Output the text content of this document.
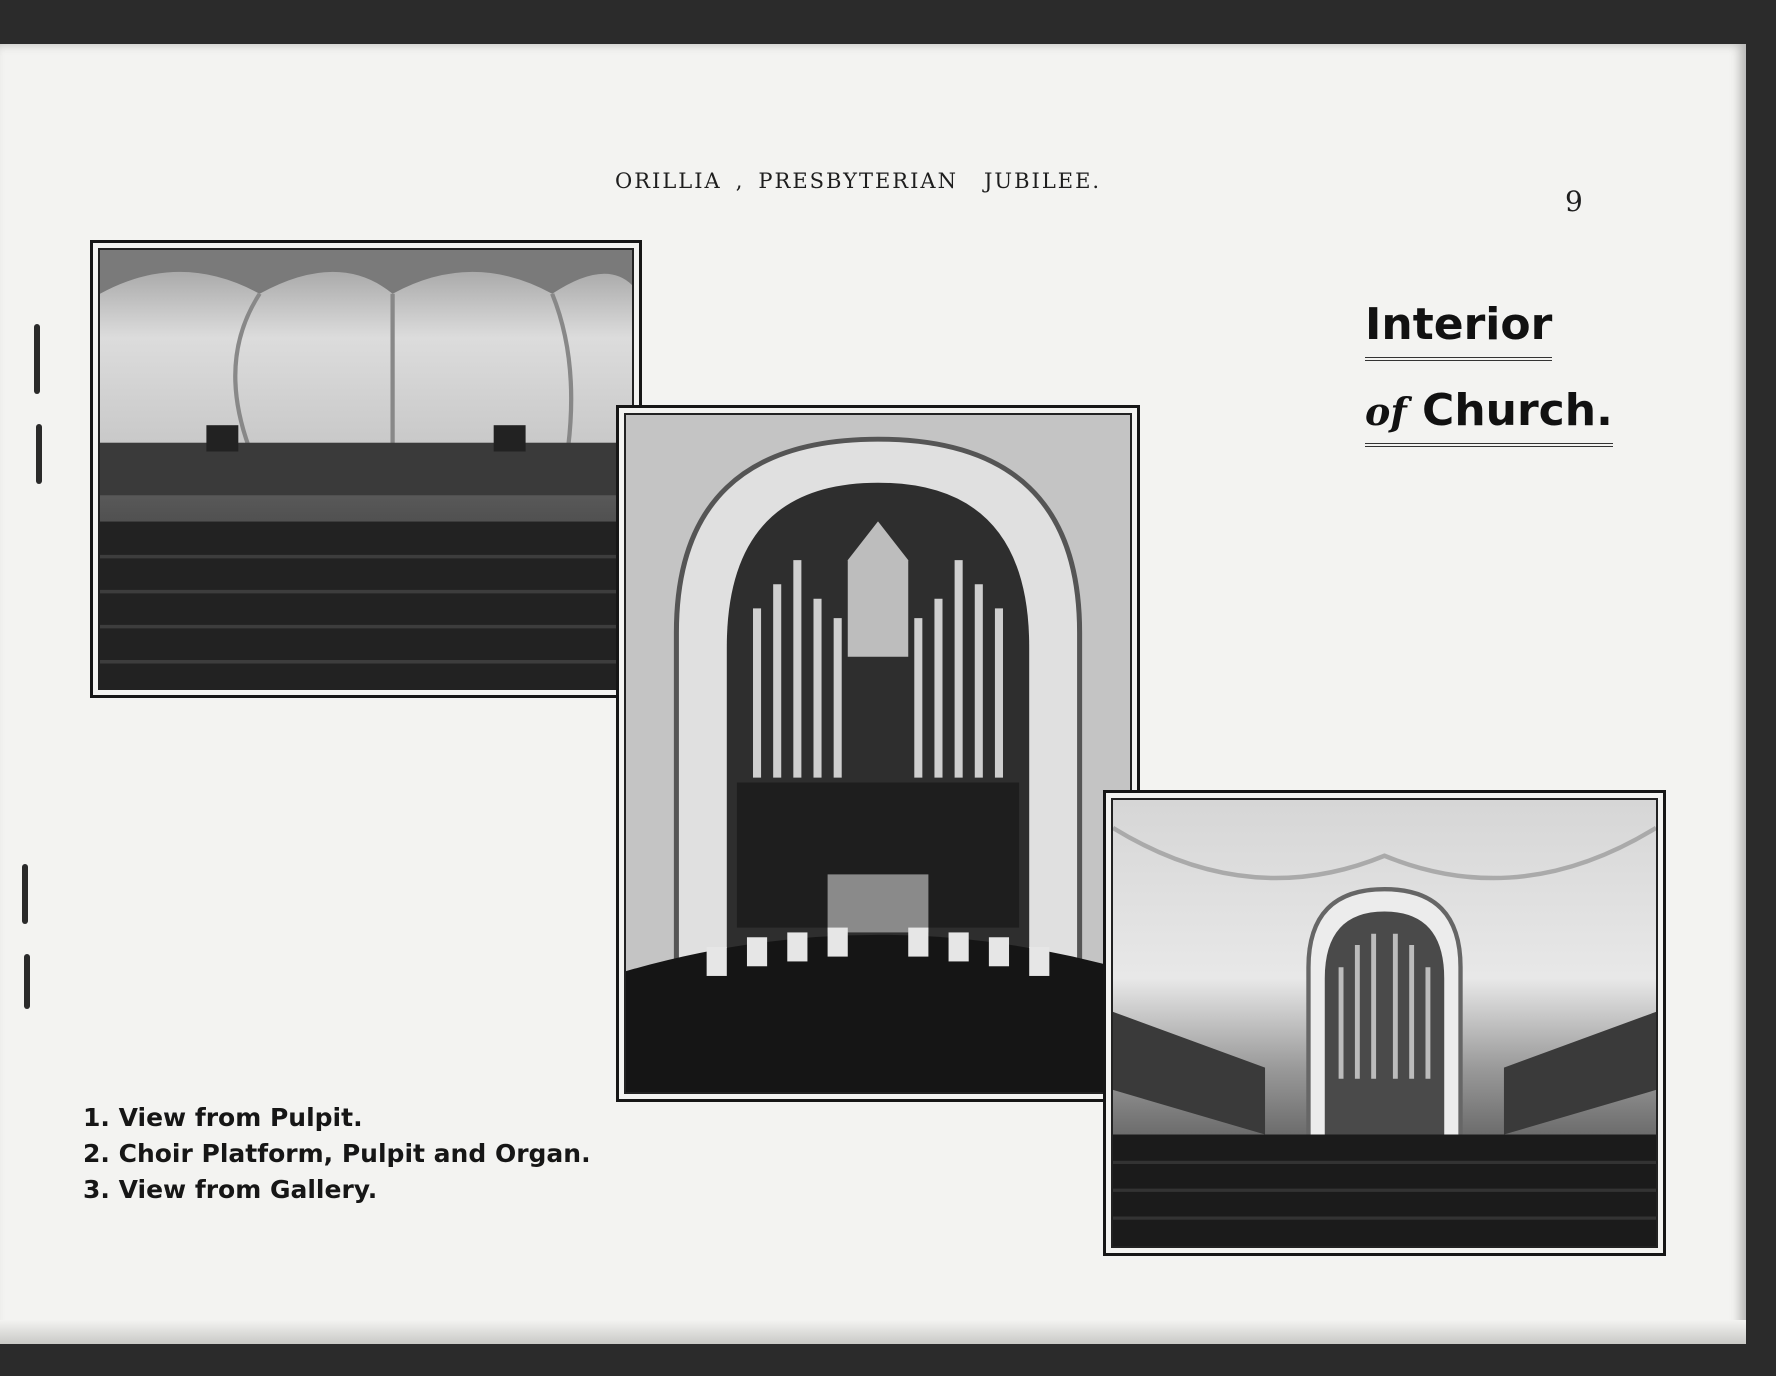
ORILLIA , PRESBYTERIAN JUBILEE.
9
Interior
of Church.
1. View from Pulpit.
2. Choir Platform, Pulpit and Organ.
3. View from Gallery.
